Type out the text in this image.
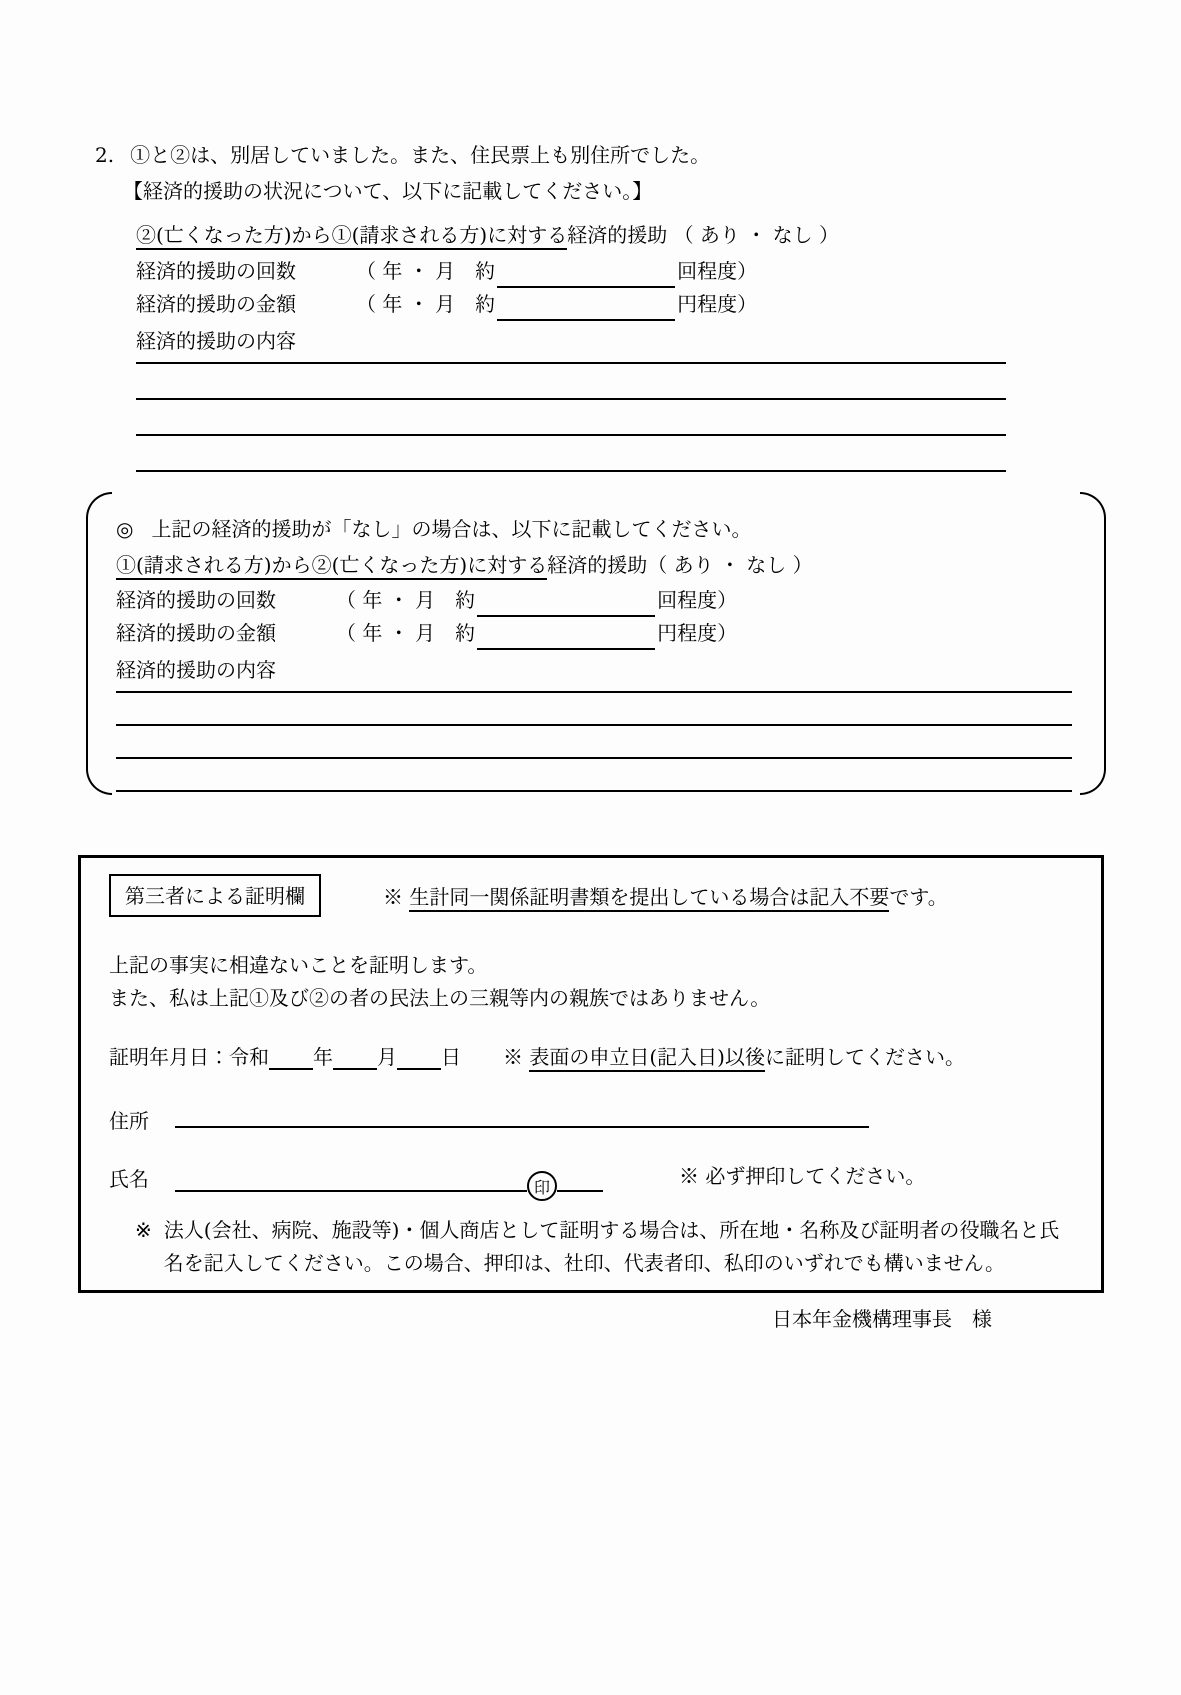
2. ①と②は、別居していました。また、住民票上も別住所でした。
【経済的援助の状況について、以下に記載してください。】
②(亡くなった方)から①(請求される方)に対する経済的援助 （ あり ・ なし ）
経済的援助の回数	（ 年 ・ 月　約	回程度）
経済的援助の金額	（ 年 ・ 月　約	円程度）
経済的援助の内容
◎ 上記の経済的援助が「なし」の場合は、以下に記載してください。
①(請求される方)から②(亡くなった方)に対する経済的援助（ あり ・ なし ）
経済的援助の回数	（ 年 ・ 月　約	回程度）
経済的援助の金額	（ 年 ・ 月　約	円程度）
経済的援助の内容
第三者による証明欄	※ 生計同一関係証明書類を提出している場合は記入不要です。
上記の事実に相違ないことを証明します。
また、私は上記①及び②の者の民法上の三親等内の親族ではありません。
証明年月日：令和 年 月 日 ※ 表面の申立日(記入日)以後に証明してください。
住所
氏名	印	※ 必ず押印してください。
※ 法人(会社、病院、施設等)・個人商店として証明する場合は、所在地・名称及び証明者の役職名と氏名を記入してください。この場合、押印は、社印、代表者印、私印のいずれでも構いません。
日本年金機構理事長　様
